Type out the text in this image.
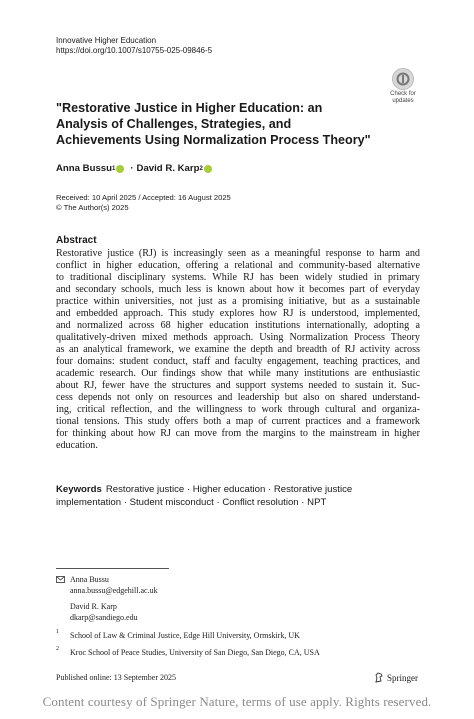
Innovative Higher Education
https://doi.org/10.1007/s10755-025-09846-5
Check for
updates
"Restorative Justice in Higher Education: an Analysis of Challenges, Strategies, and Achievements Using Normalization Process Theory"
Anna Bussu 1 · David R. Karp 2
Received: 10 April 2025 / Accepted: 16 August 2025
© The Author(s) 2025
Abstract
Restorative justice (RJ) is increasingly seen as a meaningful response to harm and
conflict in higher education, offering a relational and community-based alternative
to traditional disciplinary systems. While RJ has been widely studied in primary
and secondary schools, much less is known about how it becomes part of everyday
practice within universities, not just as a promising initiative, but as a sustainable
and embedded approach. This study explores how RJ is understood, implemented,
and normalized across 68 higher education institutions internationally, adopting a
qualitatively-driven mixed methods approach. Using Normalization Process Theory
as an analytical framework, we examine the depth and breadth of RJ activity across
four domains: student conduct, staff and faculty engagement, teaching practices, and
academic research. Our findings show that while many institutions are enthusiastic
about RJ, fewer have the structures and support systems needed to sustain it. Suc-
cess depends not only on resources and leadership but also on shared understand-
ing, critical reflection, and the willingness to work through cultural and organiza-
tional tensions. This study offers both a map of current practices and a framework
for thinking about how RJ can move from the margins to the mainstream in higher
education.
Keywords Restorative justice · Higher education · Restorative justice
implementation · Student misconduct · Conflict resolution · NPT
Anna Bussu
anna.bussu@edgehill.ac.uk
David R. Karp
dkarp@sandiego.edu
1 School of Law & Criminal Justice, Edge Hill University, Ormskirk, UK
2 Kroc School of Peace Studies, University of San Diego, San Diego, CA, USA
Published online: 13 September 2025	Springer
Content courtesy of Springer Nature, terms of use apply. Rights reserved.
